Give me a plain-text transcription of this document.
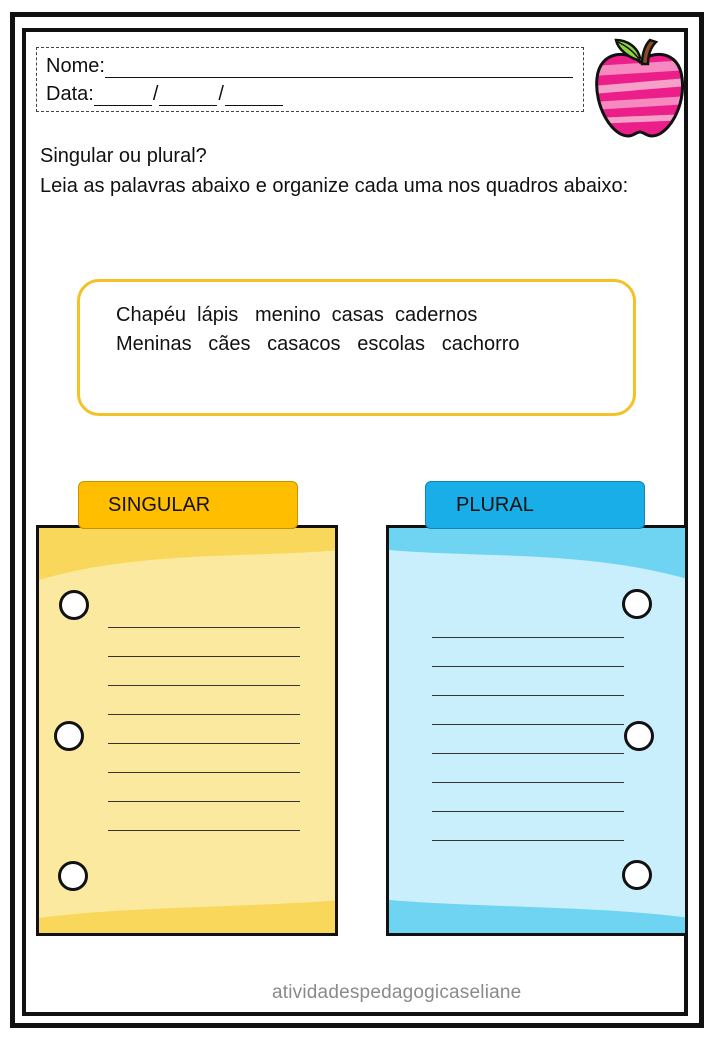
Nome:
Data:	/	/
Singular ou plural?
Leia as palavras abaixo e organize cada uma nos quadros abaixo:
Chapéu  lápis   menino  casas  cadernos
Meninas   cães   casacos   escolas   cachorro
SINGULAR	PLURAL
atividadespedagogicaseliane
